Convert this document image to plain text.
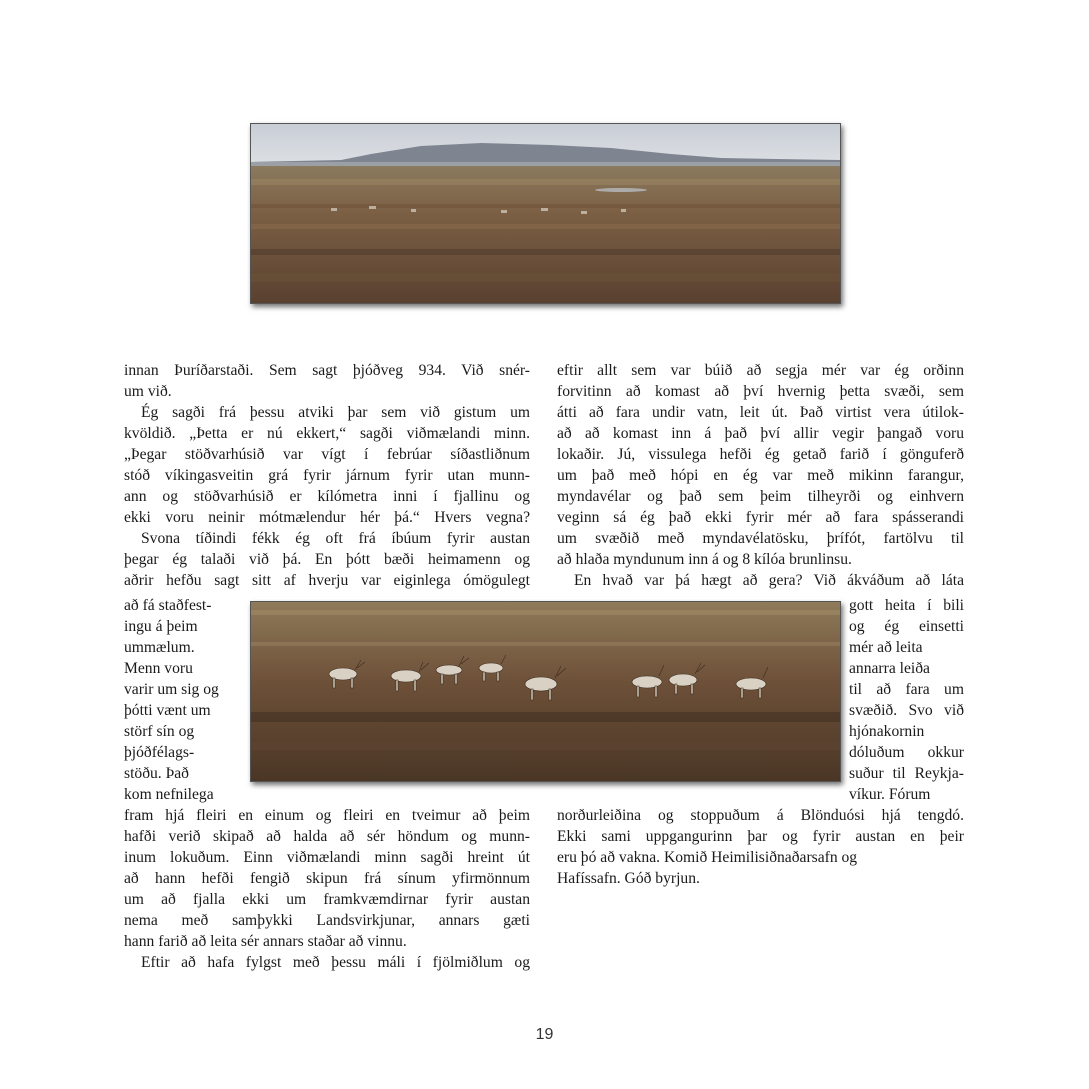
innan Þuríðarstaði. Sem sagt þjóðveg 934. Við snér-
um við.
Ég sagði frá þessu atviki þar sem við gistum um
kvöldið. „Þetta er nú ekkert,“ sagði viðmælandi minn.
„Þegar stöðvarhúsið var vígt í febrúar síðastliðnum
stóð víkingasveitin grá fyrir járnum fyrir utan munn-
ann og stöðvarhúsið er kílómetra inni í fjallinu og
ekki voru neinir mótmælendur hér þá.“ Hvers vegna?
Svona tíðindi fékk ég oft frá íbúum fyrir austan
þegar ég talaði við þá. En þótt bæði heimamenn og
aðrir hefðu sagt sitt af hverju var eiginlega ómögulegt
að fá staðfest-
ingu á þeim
ummælum.
Menn voru
varir um sig og
þótti vænt um
störf sín og
þjóðfélags-
stöðu. Það
kom nefnilega
fram hjá fleiri en einum og fleiri en tveimur að þeim
hafði verið skipað að halda að sér höndum og munn-
inum lokuðum. Einn viðmælandi minn sagði hreint út
að hann hefði fengið skipun frá sínum yfirmönnum
um að fjalla ekki um framkvæmdirnar fyrir austan
nema með samþykki Landsvirkjunar, annars gæti
hann farið að leita sér annars staðar að vinnu.
Eftir að hafa fylgst með þessu máli í fjölmiðlum og
eftir allt sem var búið að segja mér var ég orðinn
forvitinn að komast að því hvernig þetta svæði, sem
átti að fara undir vatn, leit út. Það virtist vera útilok-
að að komast inn á það því allir vegir þangað voru
lokaðir. Jú, vissulega hefði ég getað farið í gönguferð
um það með hópi en ég var með mikinn farangur,
myndavélar og það sem þeim tilheyrði og einhvern
veginn sá ég það ekki fyrir mér að fara spásserandi
um svæðið með myndavélatösku, þrífót, fartölvu til
að hlaða myndunum inn á og 8 kílóa brunlinsu.
En hvað var þá hægt að gera? Við ákváðum að láta
gott heita í bili
og ég einsetti
mér að leita
annarra leiða
til að fara um
svæðið. Svo við
hjónakornin
dóluðum okkur
suður til Reykja-
víkur. Fórum
norðurleiðina og stoppuðum á Blönduósi hjá tengdó.
Ekki sami uppgangurinn þar og fyrir austan en þeir
eru þó að vakna. Komið Heimilisiðnaðarsafn og
Hafíssafn. Góð byrjun.
19
